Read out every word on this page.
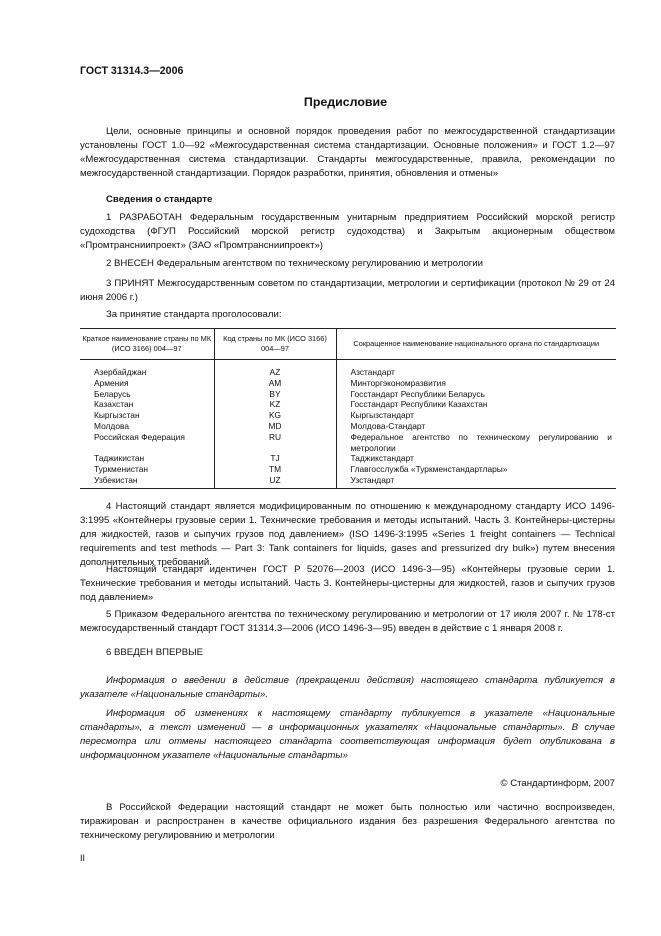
ГОСТ 31314.3—2006
Предисловие

Цели, основные принципы и основной порядок проведения работ по межгосударственной стандартизации установлены ГОСТ 1.0—92 «Межгосударственная система стандартизации. Основные положения» и ГОСТ 1.2—97 «Межгосударственная система стандартизации. Стандарты межгосударственные, правила, рекомендации по межгосударственной стандартизации. Порядок разработки, принятия, обновления и отмены»

Сведения о стандарте

1 РАЗРАБОТАН Федеральным государственным унитарным предприятием Российский морской регистр судоходства (ФГУП Российский морской регистр судоходства) и Закрытым акционерным обществом «Промтрансниипроект» (ЗАО «Промтрансниипроект»)

2 ВНЕСЕН Федеральным агентством по техническому регулированию и метрологии

3 ПРИНЯТ Межгосударственным советом по стандартизации, метрологии и сертификации (протокол № 29 от 24 июня 2006 г.)

За принятие стандарта проголосовали:

Краткое наименование страны по МК (ИСО 3166) 004—97	Код страны по МК (ИСО 3166) 004—97	Сокращенное наименование национального органа по стандартизации
Азербайджан	AZ	Азстандарт
Армения	AM	Минторгэкономразвития
Беларусь	BY	Госстандарт Республики Беларусь
Казахстан	KZ	Госстандарт Республики Казахстан
Кыргызстан	KG	Кыргызстандарт
Молдова	MD	Молдова-Стандарт
Российская Федерация	RU	Федеральное агентство по техническому регулированию и метрологии
Таджикистан	TJ	Таджикстандарт
Туркменистан	TM	Главгосслужба «Туркменстандартлары»
Узбекистан	UZ	Узстандарт

4 Настоящий стандарт является модифицированным по отношению к международному стандарту ИСО 1496-3:1995 «Контейнеры грузовые серии 1. Технические требования и методы испытаний. Часть 3. Контейнеры-цистерны для жидкостей, газов и сыпучих грузов под давлением» (ISO 1496-3:1995 «Series 1 freight containers — Technical requirements and test methods — Part 3: Tank containers for liquids, gases and pressurized dry bulk») путем внесения дополнительных требований.

Настоящий стандарт идентичен ГОСТ Р 52076—2003 (ИСО 1496-3—95) «Контейнеры грузовые серии 1. Технические требования и методы испытаний. Часть 3. Контейнеры-цистерны для жидкостей, газов и сыпучих грузов под давлением»

5 Приказом Федерального агентства по техническому регулированию и метрологии от 17 июля 2007 г. № 178-ст межгосударственный стандарт ГОСТ 31314.3—2006 (ИСО 1496-3—95) введен в действие с 1 января 2008 г.

6 ВВЕДЕН ВПЕРВЫЕ

Информация о введении в действие (прекращении действия) настоящего стандарта публикуется в указателе «Национальные стандарты».

Информация об изменениях к настоящему стандарту публикуется в указателе «Национальные стандарты», а текст изменений — в информационных указателях «Национальные стандарты». В случае пересмотра или отмены настоящего стандарта соответствующая информация будет опубликована в информационном указателе «Национальные стандарты»

© Стандартинформ, 2007

В Российской Федерации настоящий стандарт не может быть полностью или частично воспроизведен, тиражирован и распространен в качестве официального издания без разрешения Федерального агентства по техническому регулированию и метрологии

II
